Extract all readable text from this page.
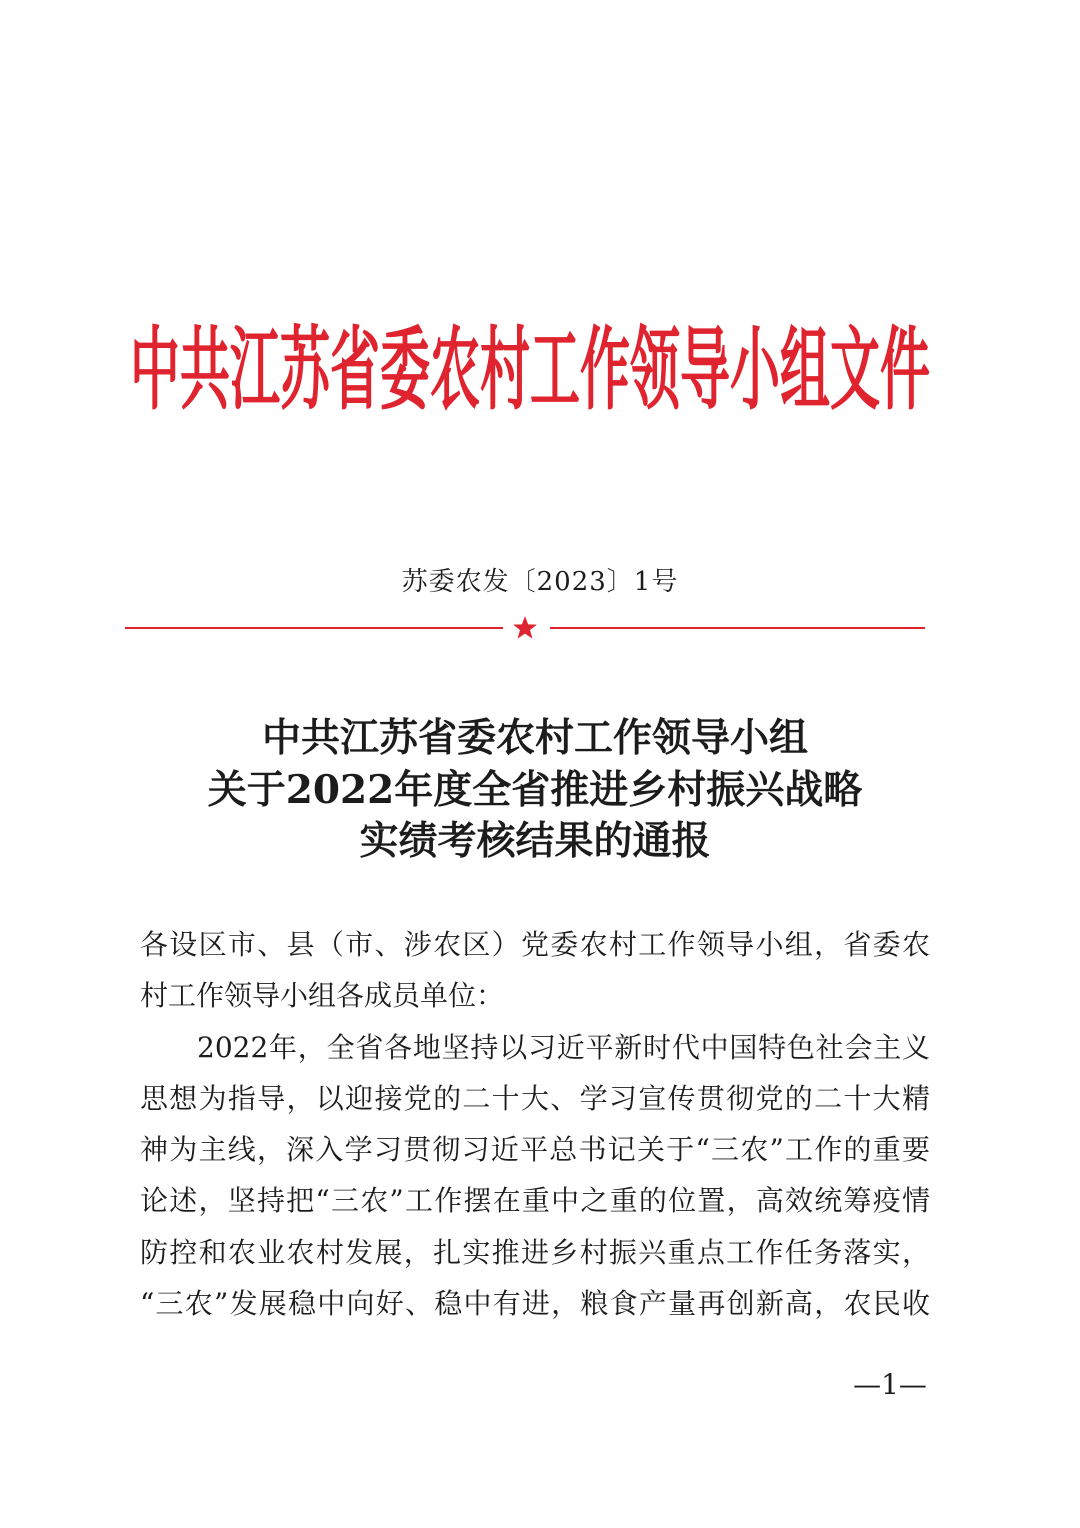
中共江苏省委农村工作领导小组文件
苏委农发〔2023〕1号
中共江苏省委农村工作领导小组
关于2022年度全省推进乡村振兴战略
实绩考核结果的通报
各设区市、县（市、涉农区）党委农村工作领导小组，省委农
村工作领导小组各成员单位：
2022年，全省各地坚持以习近平新时代中国特色社会主义
思想为指导，以迎接党的二十大、学习宣传贯彻党的二十大精
神为主线，深入学习贯彻习近平总书记关于“三农”工作的重要
论述，坚持把“三农”工作摆在重中之重的位置，高效统筹疫情
防控和农业农村发展，扎实推进乡村振兴重点工作任务落实，
“三农”发展稳中向好、稳中有进，粮食产量再创新高，农民收
—1—
